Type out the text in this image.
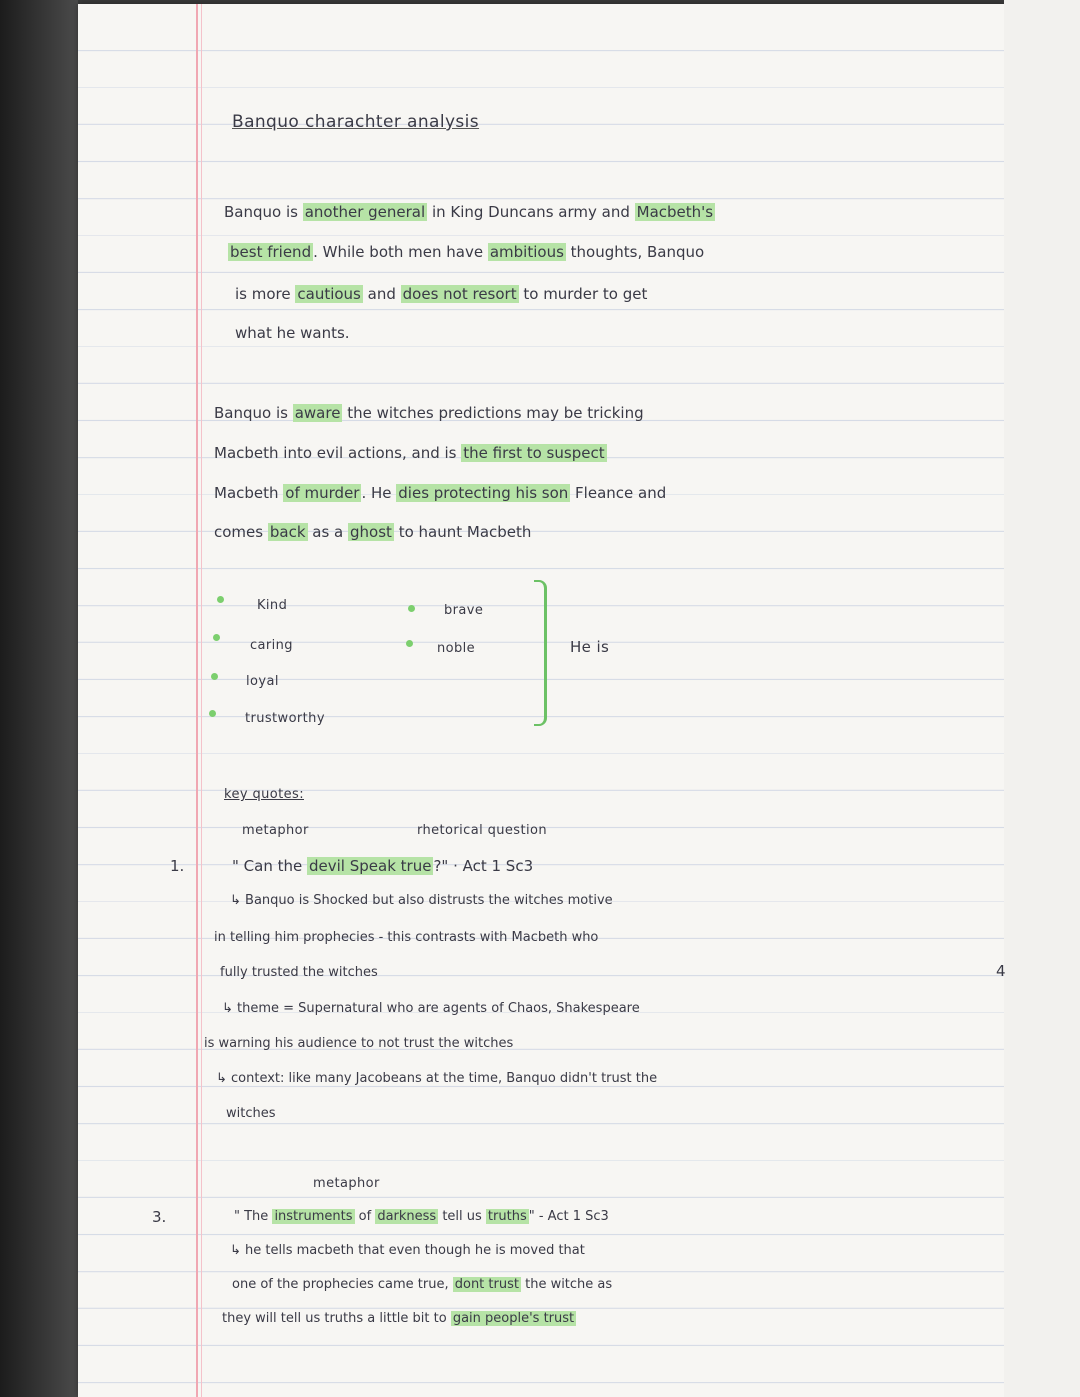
Banquo charachter analysis
Banquo is another general in King Duncans army and Macbeth's
best friend . While both men have ambitious thoughts, Banquo
is more cautious and does not resort to murder to get
what he wants.
Banquo is aware the witches predictions may be tricking
Macbeth into evil actions, and is the first to suspect
Macbeth of murder . He dies protecting his son Fleance and
comes back as a ghost to haunt Macbeth
Kind
caring
loyal
trustworthy
brave
noble	He is
key quotes:
metaphor	rhetorical question
1.	" Can the devil Speak true ?" · Act 1 Sc3
↳ Banquo is Shocked but also distrusts the witches motive
in telling him prophecies - this contrasts with Macbeth who
fully trusted the witches
↳ theme = Supernatural who are agents of Chaos, Shakespeare
is warning his audience to not trust the witches
↳ context: like many Jacobeans at the time, Banquo didn't trust the
witches
metaphor
3.	" The instruments of darkness tell us truths " - Act 1 Sc3
↳ he tells macbeth that even though he is moved that
one of the prophecies came true, dont trust the witche as
they will tell us truths a little bit to gain people's trust
4
